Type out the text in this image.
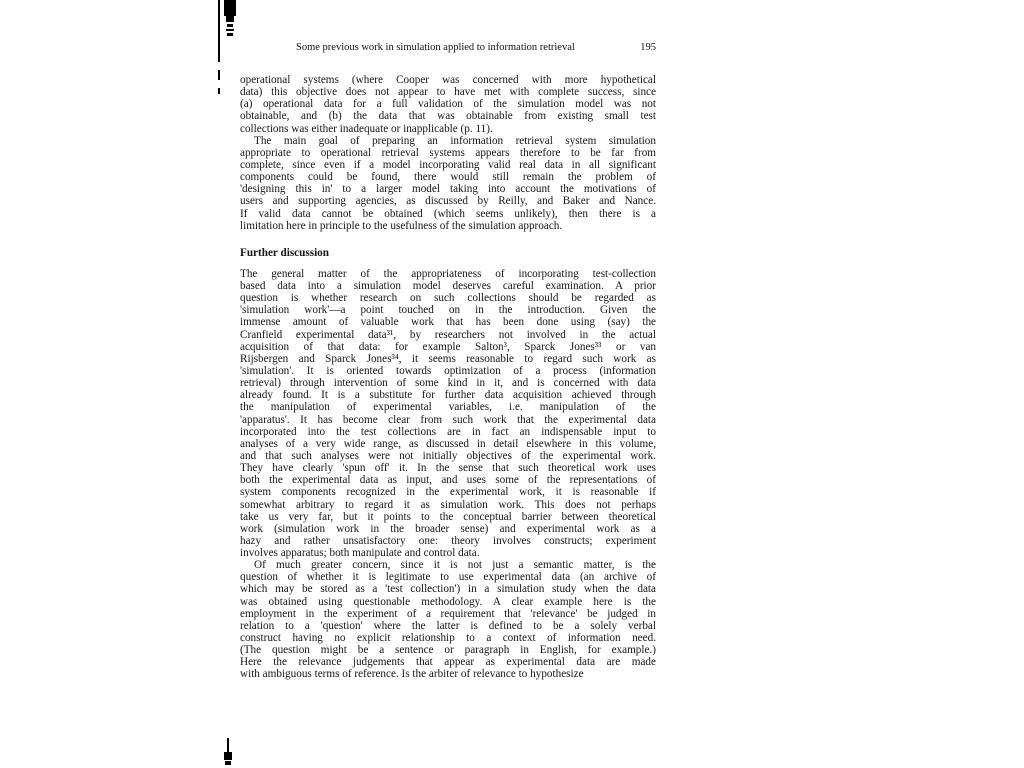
Some previous work in simulation applied to information retrieval	195
operational systems (where Cooper was concerned with more hypothetical
data) this objective does not appear to have met with complete success, since
(a) operational data for a full validation of the simulation model was not
obtainable, and (b) the data that was obtainable from existing small test
collections was either inadequate or inapplicable (p. 11).
The main goal of preparing an information retrieval system simulation
appropriate to operational retrieval systems appears therefore to be far from
complete, since even if a model incorporating valid real data in all significant
components could be found, there would still remain the problem of
'designing this in' to a larger model taking into account the motivations of
users and supporting agencies, as discussed by Reilly, and Baker and Nance.
If valid data cannot be obtained (which seems unlikely), then there is a
limitation here in principle to the usefulness of the simulation approach.
Further discussion
The general matter of the appropriateness of incorporating test-collection
based data into a simulation model deserves careful examination. A prior
question is whether research on such collections should be regarded as
'simulation work'—a point touched on in the introduction. Given the
immense amount of valuable work that has been done using (say) the
Cranfield experimental data³¹, by researchers not involved in the actual
acquisition of that data: for example Salton³, Sparck Jones³³ or van
Rijsbergen and Sparck Jones³⁴, it seems reasonable to regard such work as
'simulation'. It is oriented towards optimization of a process (information
retrieval) through intervention of some kind in it, and is concerned with data
already found. It is a substitute for further data acquisition achieved through
the manipulation of experimental variables, i.e. manipulation of the
'apparatus'. It has become clear from such work that the experimental data
incorporated into the test collections are in fact an indispensable input to
analyses of a very wide range, as discussed in detail elsewhere in this volume,
and that such analyses were not initially objectives of the experimental work.
They have clearly 'spun off' it. In the sense that such theoretical work uses
both the experimental data as input, and uses some of the representations of
system components recognized in the experimental work, it is reasonable if
somewhat arbitrary to regard it as simulation work. This does not perhaps
take us very far, but it points to the conceptual barrier between theoretical
work (simulation work in the broader sense) and experimental work as a
hazy and rather unsatisfactory one: theory involves constructs; experiment
involves apparatus; both manipulate and control data.
Of much greater concern, since it is not just a semantic matter, is the
question of whether it is legitimate to use experimental data (an archive of
which may be stored as a 'test collection') in a simulation study when the data
was obtained using questionable methodology. A clear example here is the
employment in the experiment of a requirement that 'relevance' be judged in
relation to a 'question' where the latter is defined to be a solely verbal
construct having no explicit relationship to a context of information need.
(The question might be a sentence or paragraph in English, for example.)
Here the relevance judgements that appear as experimental data are made
with ambiguous terms of reference. Is the arbiter of relevance to hypothesize
